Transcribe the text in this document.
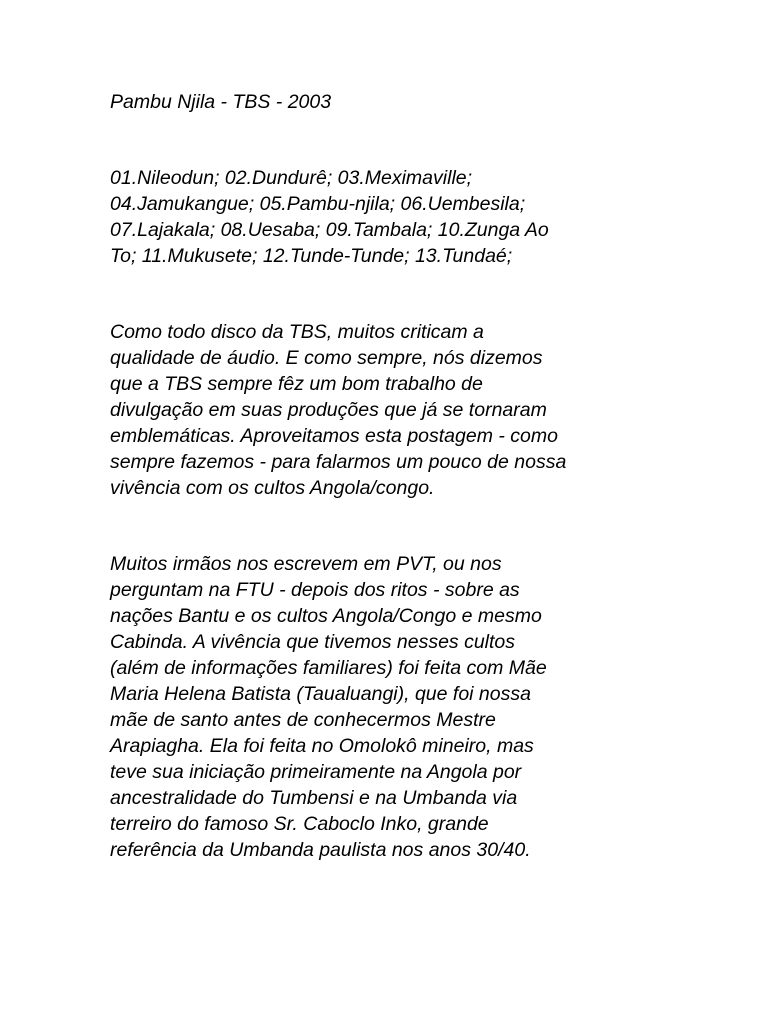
Pambu Njila - TBS - 2003
01.Nileodun; 02.Dundurê; 03.Meximaville;
04.Jamukangue; 05.Pambu-njila; 06.Uembesila;
07.Lajakala; 08.Uesaba; 09.Tambala; 10.Zunga Ao
To; 11.Mukusete; 12.Tunde-Tunde; 13.Tundaé;
Como todo disco da TBS, muitos criticam a
qualidade de áudio. E como sempre, nós dizemos
que a TBS sempre fêz um bom trabalho de
divulgação em suas produções que já se tornaram
emblemáticas. Aproveitamos esta postagem - como
sempre fazemos - para falarmos um pouco de nossa
vivência com os cultos Angola/congo.
Muitos irmãos nos escrevem em PVT, ou nos
perguntam na FTU - depois dos ritos - sobre as
nações Bantu e os cultos Angola/Congo e mesmo
Cabinda. A vivência que tivemos nesses cultos
(além de informações familiares) foi feita com Mãe
Maria Helena Batista (Taualuangi), que foi nossa
mãe de santo antes de conhecermos Mestre
Arapiagha. Ela foi feita no Omolokô mineiro, mas
teve sua iniciação primeiramente na Angola por
ancestralidade do Tumbensi e na Umbanda via
terreiro do famoso Sr. Caboclo Inko, grande
referência da Umbanda paulista nos anos 30/40.
